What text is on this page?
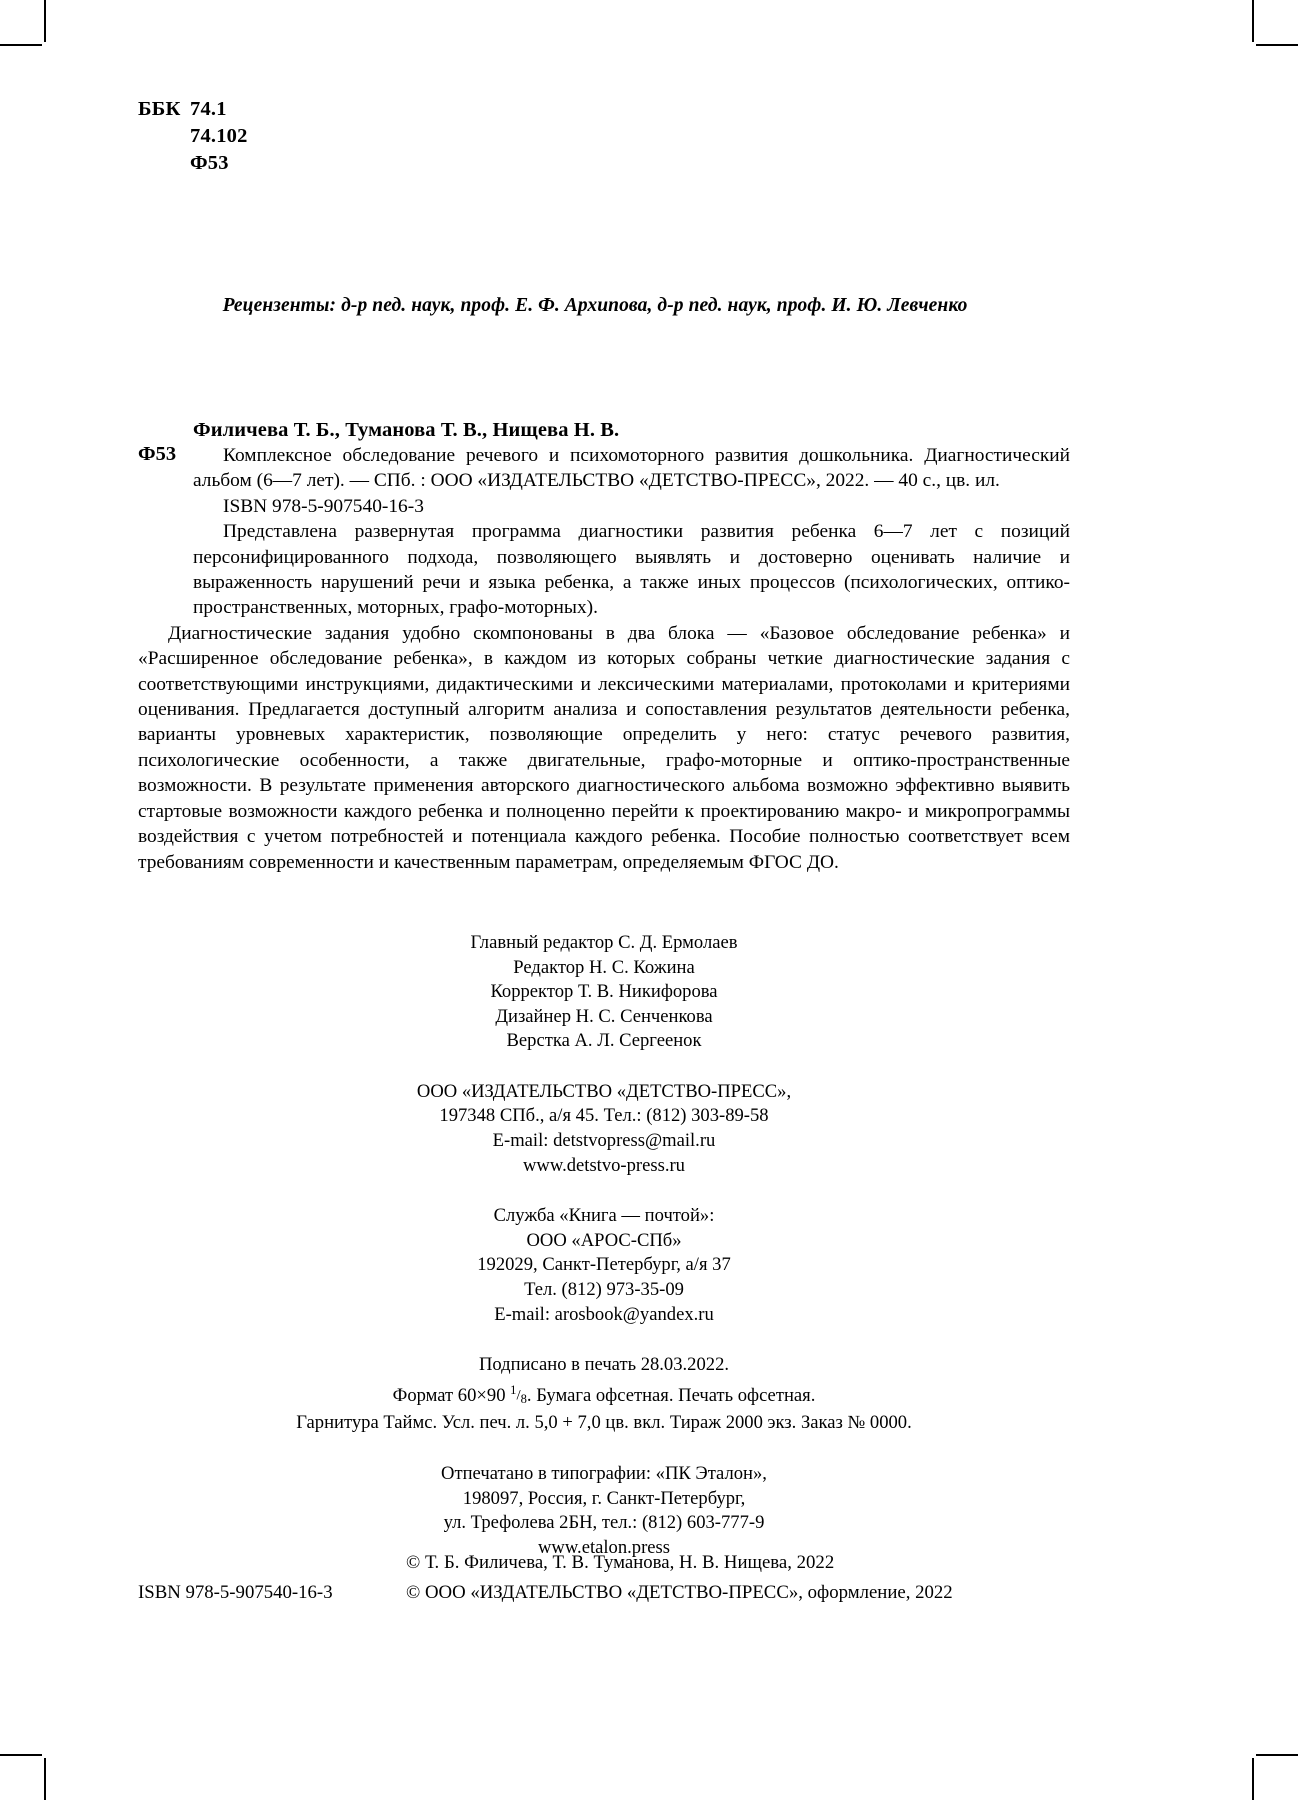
ББК 74.1
74.102
Ф53
Рецензенты: д-р пед. наук, проф. Е. Ф. Архипова, д-р пед. наук, проф. И. Ю. Левченко
Филичева Т. Б., Туманова Т. В., Нищева Н. В.
Ф53	Комплексное обследование речевого и психомоторного развития дошкольника. Диагностический альбом (6—7 лет). — СПб. : ООО «ИЗДАТЕЛЬСТВО «ДЕТСТВО-ПРЕСС», 2022. — 40 с., цв. ил.

ISBN 978-5-907540-16-3

Представлена развернутая программа диагностики развития ребенка 6—7 лет с позиций персонифицированного подхода, позволяющего выявлять и достоверно оценивать наличие и выраженность нарушений речи и языка ребенка, а также иных процессов (психологических, оптико-пространственных, моторных, графо-моторных).

Диагностические задания удобно скомпонованы в два блока — «Базовое обследование ребенка» и «Расширенное обследование ребенка», в каждом из которых собраны четкие диагностические задания с соответствующими инструкциями, дидактическими и лексическими материалами, протоколами и критериями оценивания. Предлагается доступный алгоритм анализа и сопоставления результатов деятельности ребенка, варианты уровневых характеристик, позволяющие определить у него: статус речевого развития, психологические особенности, а также двигательные, графо-моторные и оптико-пространственные возможности. В результате применения авторского диагностического альбома возможно эффективно выявить стартовые возможности каждого ребенка и полноценно перейти к проектированию макро- и микропрограммы воздействия с учетом потребностей и потенциала каждого ребенка. Пособие полностью соответствует всем требованиям современности и качественным параметрам, определяемым ФГОС ДО.

Главный редактор С. Д. Ермолаев
Редактор Н. С. Кожина
Корректор Т. В. Никифорова
Дизайнер Н. С. Сенченкова
Верстка А. Л. Сергеенок
ООО «ИЗДАТЕЛЬСТВО «ДЕТСТВО-ПРЕСС»,
197348 СПб., а/я 45. Тел.: (812) 303-89-58
E-mail: detstvopress@mail.ru
www.detstvo-press.ru
Служба «Книга — почтой»:
ООО «АРОС-СПб»
192029, Санкт-Петербург, а/я 37
Тел. (812) 973-35-09
E-mail: arosbook@yandex.ru
Подписано в печать 28.03.2022.
Формат 60×90 1/8. Бумага офсетная. Печать офсетная.
Гарнитура Таймс. Усл. печ. л. 5,0 + 7,0 цв. вкл. Тираж 2000 экз. Заказ № 0000.
Отпечатано в типографии: «ПК Эталон»,
198097, Россия, г. Санкт-Петербург,
ул. Трефолева 2БН, тел.: (812) 603-777-9
www.etalon.press
ISBN 978-5-907540-16-3
© Т. Б. Филичева, Т. В. Туманова, Н. В. Нищева, 2022
© ООО «ИЗДАТЕЛЬСТВО «ДЕТСТВО-ПРЕСС», оформление, 2022
